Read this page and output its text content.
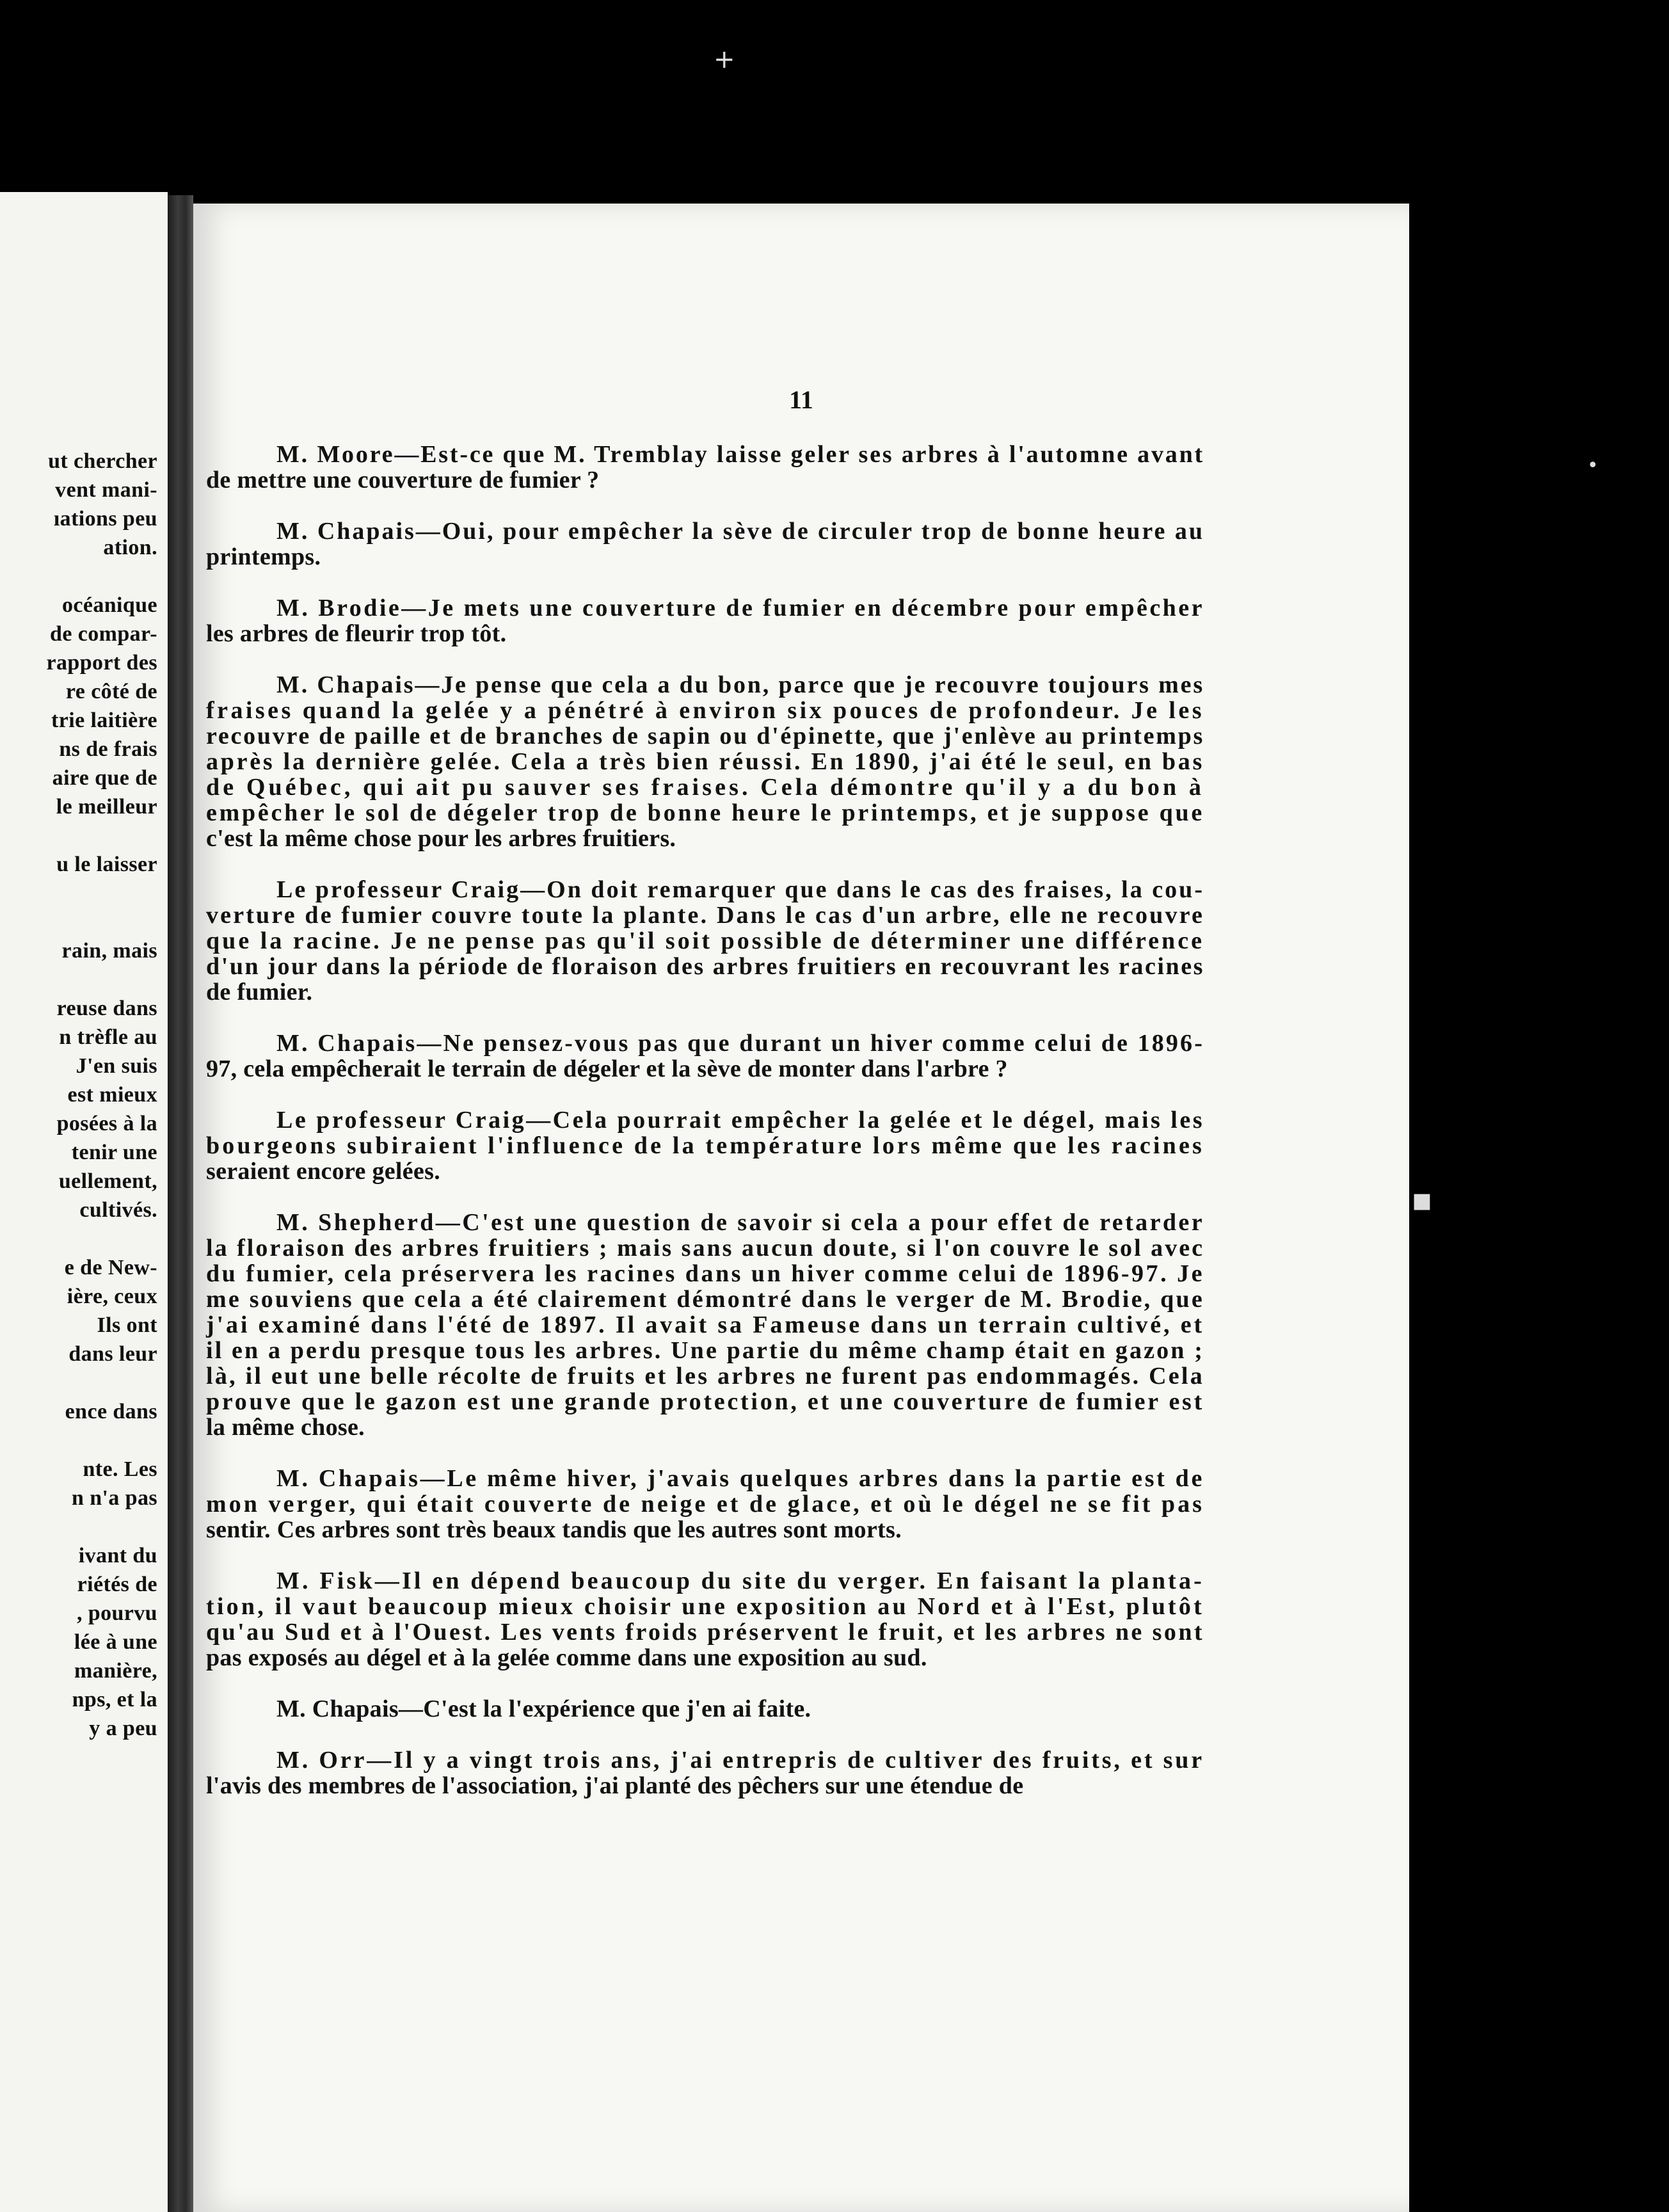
ut chercher
vent mani-
ıations peu
ation.
océanique
de compar-
rapport des
re côté de
trie laitière
ns de frais
aire que de
le meilleur
u le laisser
rain, mais
reuse dans
n trèfle au
J'en suis
est mieux
posées à la
tenir une
uellement,
cultivés.
e de New-
ière, ceux
Ils ont
dans leur
ence dans
nte. Les
n n'a pas
ivant du
riétés de
, pourvu
lée à une
manière,
nps, et la
y a peu
11
M. Moore—Est-ce que M. Tremblay laisse geler ses arbres à l'automne avant
de mettre une couverture de fumier ?
M. Chapais—Oui, pour empêcher la sève de circuler trop de bonne heure au
printemps.
M. Brodie—Je mets une couverture de fumier en décembre pour empêcher
les arbres de fleurir trop tôt.
M. Chapais—Je pense que cela a du bon, parce que je recouvre toujours mes
fraises quand la gelée y a pénétré à environ six pouces de profondeur. Je les
recouvre de paille et de branches de sapin ou d'épinette, que j'enlève au printemps
après la dernière gelée. Cela a très bien réussi. En 1890, j'ai été le seul, en bas
de Québec, qui ait pu sauver ses fraises. Cela démontre qu'il y a du bon à
empêcher le sol de dégeler trop de bonne heure le printemps, et je suppose que
c'est la même chose pour les arbres fruitiers.
Le professeur Craig—On doit remarquer que dans le cas des fraises, la cou-
verture de fumier couvre toute la plante. Dans le cas d'un arbre, elle ne recouvre
que la racine. Je ne pense pas qu'il soit possible de déterminer une différence
d'un jour dans la période de floraison des arbres fruitiers en recouvrant les racines
de fumier.
M. Chapais—Ne pensez-vous pas que durant un hiver comme celui de 1896-
97, cela empêcherait le terrain de dégeler et la sève de monter dans l'arbre ?
Le professeur Craig—Cela pourrait empêcher la gelée et le dégel, mais les
bourgeons subiraient l'influence de la température lors même que les racines
seraient encore gelées.
M. Shepherd—C'est une question de savoir si cela a pour effet de retarder
la floraison des arbres fruitiers ; mais sans aucun doute, si l'on couvre le sol avec
du fumier, cela préservera les racines dans un hiver comme celui de 1896-97. Je
me souviens que cela a été clairement démontré dans le verger de M. Brodie, que
j'ai examiné dans l'été de 1897. Il avait sa Fameuse dans un terrain cultivé, et
il en a perdu presque tous les arbres. Une partie du même champ était en gazon ;
là, il eut une belle récolte de fruits et les arbres ne furent pas endommagés. Cela
prouve que le gazon est une grande protection, et une couverture de fumier est
la même chose.
M. Chapais—Le même hiver, j'avais quelques arbres dans la partie est de
mon verger, qui était couverte de neige et de glace, et où le dégel ne se fit pas
sentir. Ces arbres sont très beaux tandis que les autres sont morts.
M. Fisk—Il en dépend beaucoup du site du verger. En faisant la planta-
tion, il vaut beaucoup mieux choisir une exposition au Nord et à l'Est, plutôt
qu'au Sud et à l'Ouest. Les vents froids préservent le fruit, et les arbres ne sont
pas exposés au dégel et à la gelée comme dans une exposition au sud.
M. Chapais—C'est la l'expérience que j'en ai faite.
M. Orr—Il y a vingt trois ans, j'ai entrepris de cultiver des fruits, et sur
l'avis des membres de l'association, j'ai planté des pêchers sur une étendue de
+
•
▪
